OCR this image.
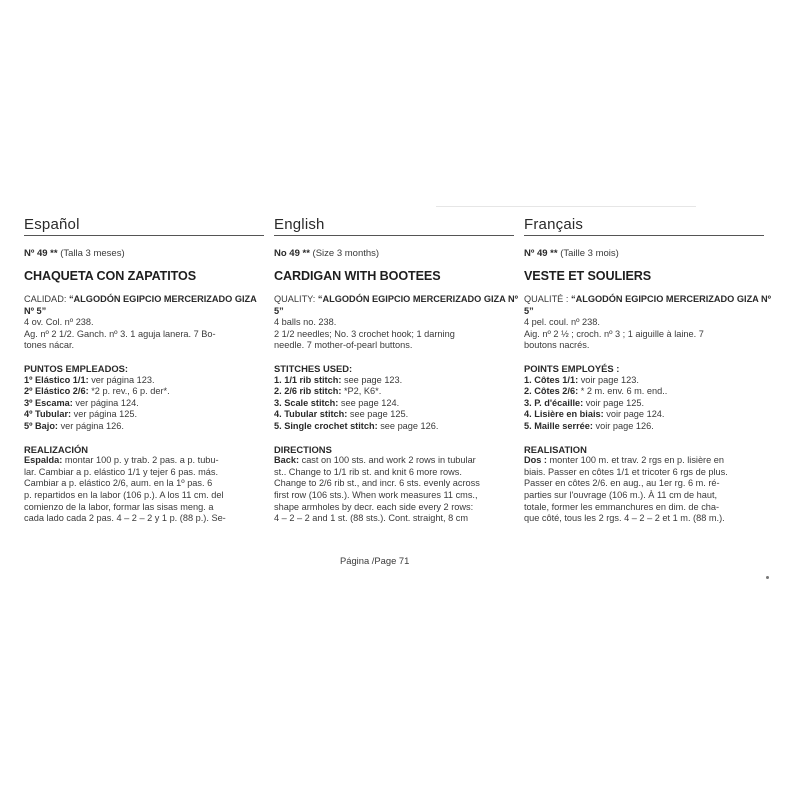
Español
Nº 49 ** (Talla 3 meses)
CHAQUETA CON ZAPATITOS

CALIDAD: “ALGODÓN EGIPCIO MERCERIZADO GIZA Nº 5”

4 ov. Col. nº 238.

Ag. nº 2 1/2. Ganch. nº 3. 1 aguja lanera. 7 Bo-

tones nácar.

PUNTOS EMPLEADOS:

1º Elástico 1/1: ver página 123.

2º Elástico 2/6: *2 p. rev., 6 p. der*.

3º Escama: ver página 124.

4º Tubular: ver página 125.

5º Bajo: ver página 126.

REALIZACIÓN

Espalda: montar 100 p. y trab. 2 pas. a p. tubu-

lar. Cambiar a p. elástico 1/1 y tejer 6 pas. más.

Cambiar a p. elástico 2/6, aum. en la 1º pas. 6

p. repartidos en la labor (106 p.). A los 11 cm. del

comienzo de la labor, formar las sisas meng. a

cada lado cada 2 pas. 4 – 2 – 2 y 1 p. (88 p.). Se-

English
No 49 ** (Size 3 months)
CARDIGAN WITH BOOTEES

QUALITY: “ALGODÓN EGIPCIO MERCERIZADO GIZA Nº 5”

4 balls no. 238.

2 1/2 needles; No. 3 crochet hook; 1 darning

needle. 7 mother-of-pearl buttons.

STITCHES USED:

1. 1/1 rib stitch: see page 123.

2. 2/6 rib stitch: *P2, K6*.

3. Scale stitch: see page 124.

4. Tubular stitch: see page 125.

5. Single crochet stitch: see page 126.

DIRECTIONS

Back: cast on 100 sts. and work 2 rows in tubular

st.. Change to 1/1 rib st. and knit 6 more rows.

Change to 2/6 rib st., and incr. 6 sts. evenly across

first row (106 sts.). When work measures 11 cms.,

shape armholes by decr. each side every 2 rows:

4 – 2 – 2 and 1 st. (88 sts.). Cont. straight, 8 cm

Français
Nº 49 ** (Taille 3 mois)
VESTE ET SOULIERS

QUALITÉ : “ALGODÓN EGIPCIO MERCERIZADO GIZA Nº 5”

4 pel. coul. nº 238.

Aig. nº 2 ½ ; croch. nº 3 ; 1 aiguille à laine. 7

boutons nacrés.

POINTS EMPLOYÉS :

1. Côtes 1/1: voir page 123.

2. Côtes 2/6: * 2 m. env. 6 m. end..

3. P. d'écaille: voir page 125.

4. Lisière en biais: voir page 124.

5. Maille serrée: voir page 126.

REALISATION

Dos : monter 100 m. et trav. 2 rgs en p. lisière en

biais. Passer en côtes 1/1 et tricoter 6 rgs de plus.

Passer en côtes 2/6. en aug., au 1er rg. 6 m. ré-

parties sur l'ouvrage (106 m.). À 11 cm de haut,

totale, former les emmanchures en dim. de cha-

que côté, tous les 2 rgs. 4 – 2 – 2 et 1 m. (88 m.).

Página /Page 71
